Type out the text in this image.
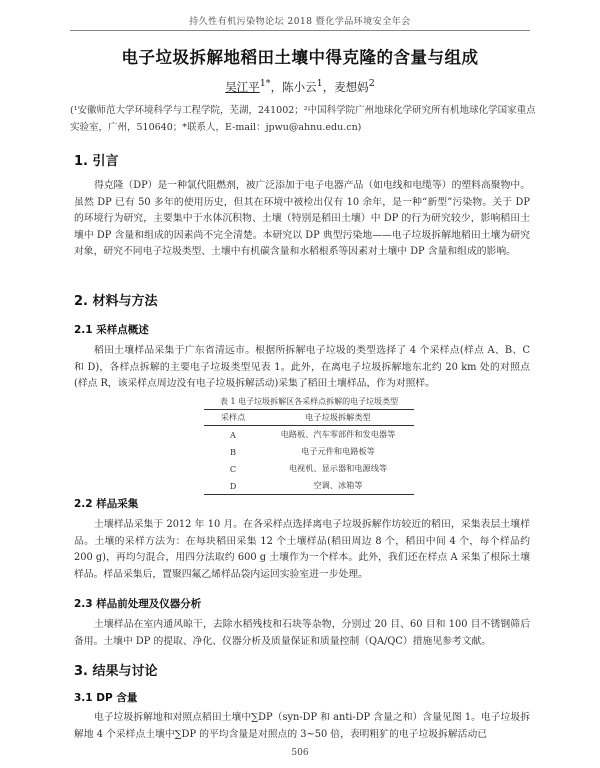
持久性有机污染物论坛 2018 暨化学品环境安全年会
电子垃圾拆解地稻田土壤中得克隆的含量与组成
吴江平$^{1*}$，陈小云$^1$，麦想妈$^2$
(¹安徽师范大学环境科学与工程学院，芜湖，241002；²中国科学院广州地球化学研究所有机地球化学国家重点实验室，广州，510640；*联系人，E-mail：jpwu@ahnu.edu.cn)
1. 引言
得克隆（DP）是一种氯代阻燃剂，被广泛添加于电子电器产品（如电线和电缆等）的塑料高聚物中。虽然 DP 已有 50 多年的使用历史，但其在环境中被检出仅有 10 余年，是一种“新型”污染物。关于 DP 的环境行为研究，主要集中于水体沉积物、土壤（特别是稻田土壤）中 DP 的行为研究较少，影响稻田土壤中 DP 含量和组成的因素尚不完全清楚。本研究以 DP 典型污染地——电子垃圾拆解地稻田土壤为研究对象，研究不同电子垃圾类型、土壤中有机碳含量和水稻根系等因素对土壤中 DP 含量和组成的影响。
2. 材料与方法
2.1 采样点概述
稻田土壤样品采集于广东省清远市。根据所拆解电子垃圾的类型选择了 4 个采样点(样点 A、B、C 和 D)，各样点拆解的主要电子垃圾类型见表 1。此外，在离电子垃圾拆解地东北约 20 km 处的对照点(样点 R，该采样点周边没有电子垃圾拆解活动)采集了稻田土壤样品，作为对照样。
表 1 电子垃圾拆解区各采样点拆解的电子垃圾类型
采样点	电子垃圾拆解类型
A	电路板、汽车零部件和发电器等
B	电子元件和电路板等
C	电视机、显示器和电源线等
D	空调、冰箱等
2.2 样品采集
土壤样品采集于 2012 年 10 月。在各采样点选择离电子垃圾拆解作坊较近的稻田，采集表层土壤样品。土壤的采样方法为：在每块稻田采集 12 个土壤样品(稻田周边 8 个，稻田中间 4 个，每个样品约 200 g)，再均匀混合，用四分法取约 600 g 土壤作为一个样本。此外，我们还在样点 A 采集了根际土壤样品。样品采集后，置聚四氟乙烯样品袋内运回实验室进一步处理。
2.3 样品前处理及仪器分析
土壤样品在室内通风晾干，去除水稻残枝和石块等杂物，分别过 20 目、60 目和 100 目不锈钢筛后备用。土壤中 DP 的提取、净化、仪器分析及质量保证和质量控制（QA/QC）措施见参考文献。
3. 结果与讨论
3.1 DP 含量
电子垃圾拆解地和对照点稻田土壤中∑DP（syn-DP 和 anti-DP 含量之和）含量见图 1。电子垃圾拆解地 4 个采样点土壤中∑DP 的平均含量是对照点的 3~50 倍，表明粗犷的电子垃圾拆解活动已
506
